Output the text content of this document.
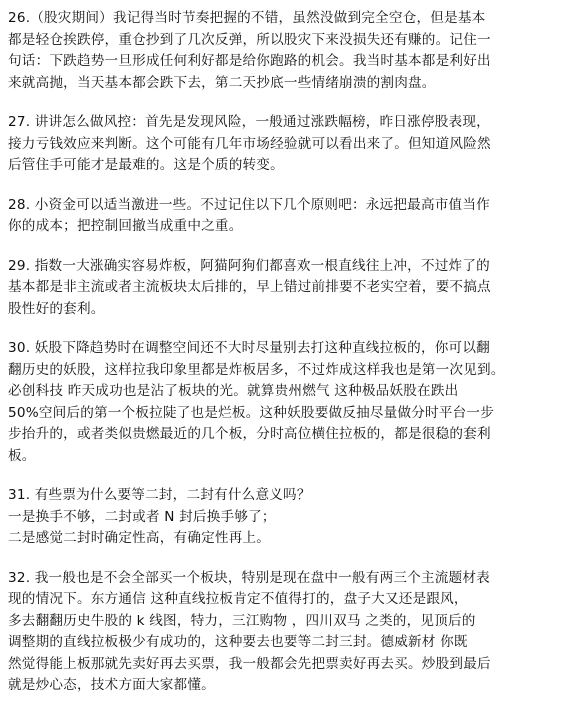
26.（股灾期间）我记得当时节奏把握的不错，虽然没做到完全空仓，但是基本
都是轻仓挨跌停，重仓抄到了几次反弹，所以股灾下来没损失还有赚的。记住一
句话：下跌趋势一旦形成任何利好都是给你跑路的机会。我当时基本都是利好出
来就高抛，当天基本都会跌下去，第二天抄底一些情绪崩溃的割肉盘。
27. 讲讲怎么做风控：首先是发现风险，一般通过涨跌幅榜，昨日涨停股表现，
接力亏钱效应来判断。这个可能有几年市场经验就可以看出来了。但知道风险然
后管住手可能才是最难的。这是个质的转变。
28. 小资金可以适当激进一些。不过记住以下几个原则吧：永远把最高市值当作
你的成本；把控制回撤当成重中之重。
29. 指数一大涨确实容易炸板，阿猫阿狗们都喜欢一根直线往上冲，不过炸了的
基本都是非主流或者主流板块太后排的，早上错过前排要不老实空着，要不搞点
股性好的套利。
30. 妖股下降趋势时在调整空间还不大时尽量别去打这种直线拉板的，你可以翻
翻历史的妖股，这样拉我印象里都是炸板居多，不过炸成这样我也是第一次见到。
必创科技 昨天成功也是沾了板块的光。就算贵州燃气 这种极品妖股在跌出
50%空间后的第一个板拉陡了也是烂板。这种妖股要做反抽尽量做分时平台一步
步抬升的，或者类似贵燃最近的几个板，分时高位横住拉板的，都是很稳的套利
板。
31. 有些票为什么要等二封，二封有什么意义吗？
一是换手不够，二封或者 N 封后换手够了；
二是感觉二封时确定性高，有确定性再上。
32. 我一般也是不会全部买一个板块，特别是现在盘中一般有两三个主流题材表
现的情况下。东方通信 这种直线拉板肯定不值得打的，盘子大又还是跟风，
多去翻翻历史牛股的 k 线图，特力，三江购物 ，四川双马 之类的，见顶后的
调整期的直线拉板极少有成功的，这种要去也要等二封三封。德威新材 你既
然觉得能上板那就先卖好再去买票，我一般都会先把票卖好再去买。炒股到最后
就是炒心态，技术方面大家都懂。
